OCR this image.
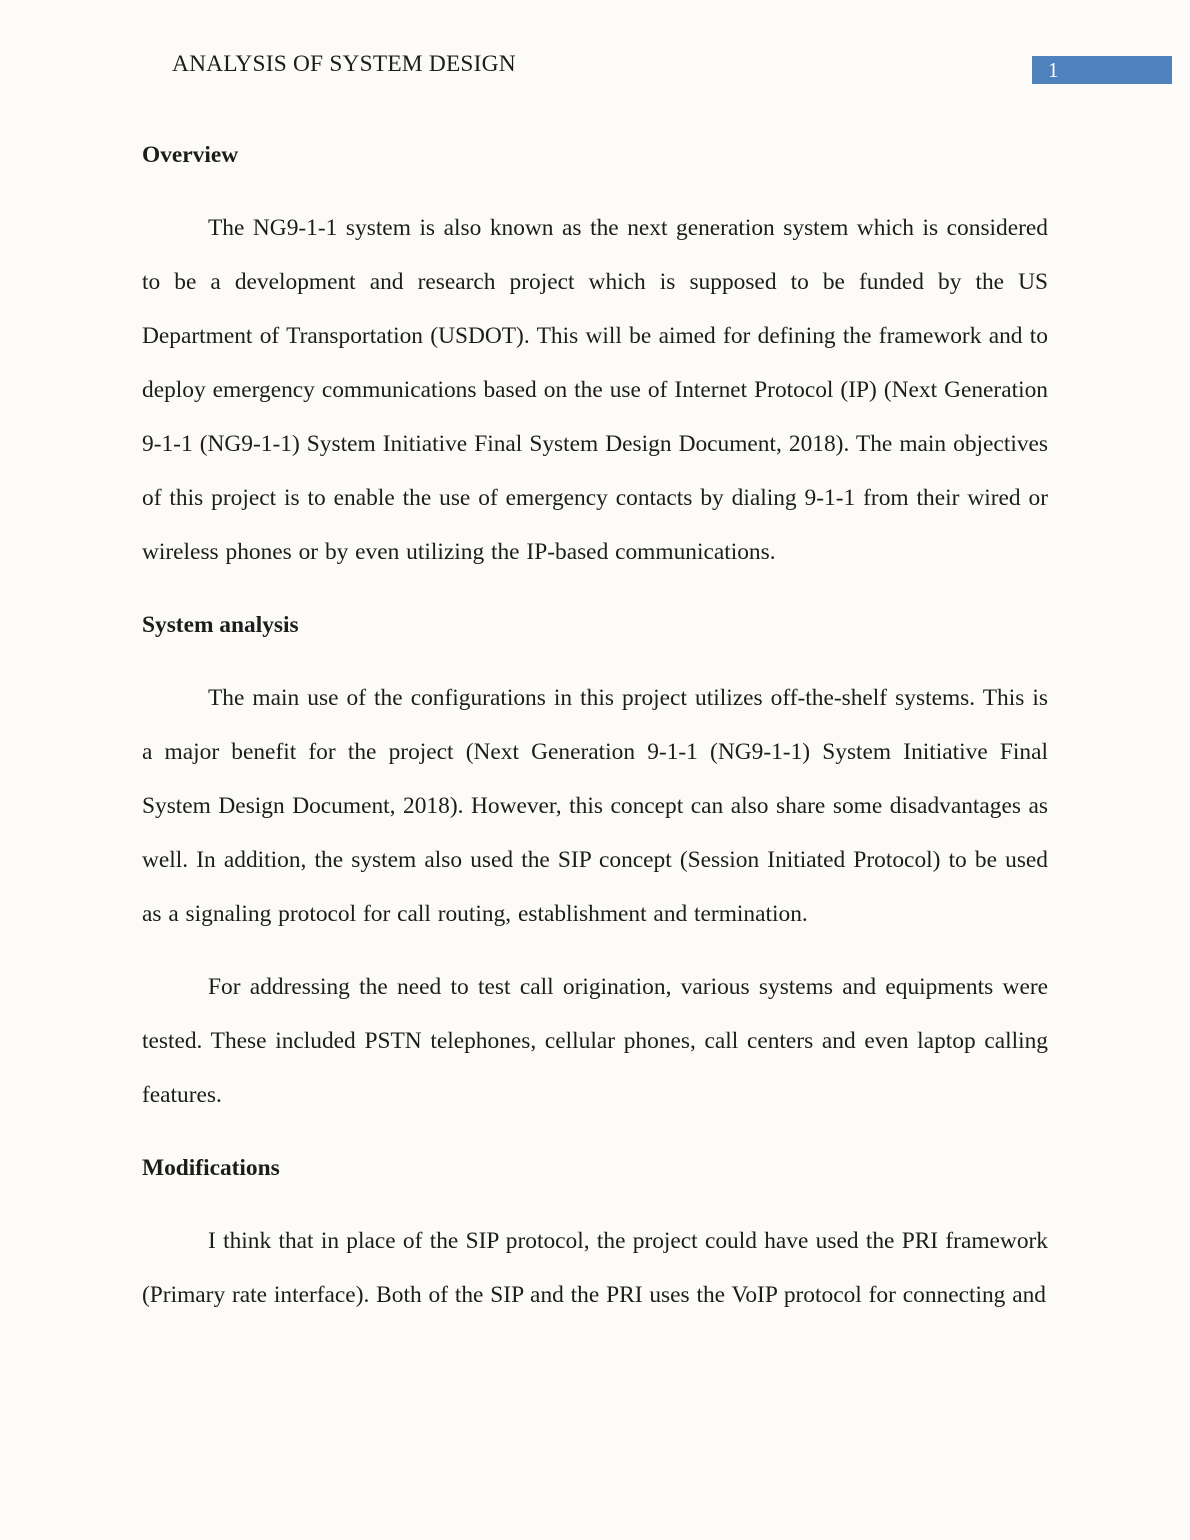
ANALYSIS OF SYSTEM DESIGN	1
Overview

The NG9-1-1 system is also known as the next generation system which is considered to be a development and research project which is supposed to be funded by the US Department of Transportation (USDOT). This will be aimed for defining the framework and to deploy emergency communications based on the use of Internet Protocol (IP) (Next Generation 9-1-1 (NG9-1-1) System Initiative Final System Design Document, 2018). The main objectives of this project is to enable the use of emergency contacts by dialing 9-1-1 from their wired or wireless phones or by even utilizing the IP-based communications.

System analysis

The main use of the configurations in this project utilizes off-the-shelf systems. This is a major benefit for the project (Next Generation 9-1-1 (NG9-1-1) System Initiative Final System Design Document, 2018). However, this concept can also share some disadvantages as well. In addition, the system also used the SIP concept (Session Initiated Protocol) to be used as a signaling protocol for call routing, establishment and termination.

For addressing the need to test call origination, various systems and equipments were tested. These included PSTN telephones, cellular phones, call centers and even laptop calling features.

Modifications

I think that in place of the SIP protocol, the project could have used the PRI framework (Primary rate interface). Both of the SIP and the PRI uses the VoIP protocol for connecting and
